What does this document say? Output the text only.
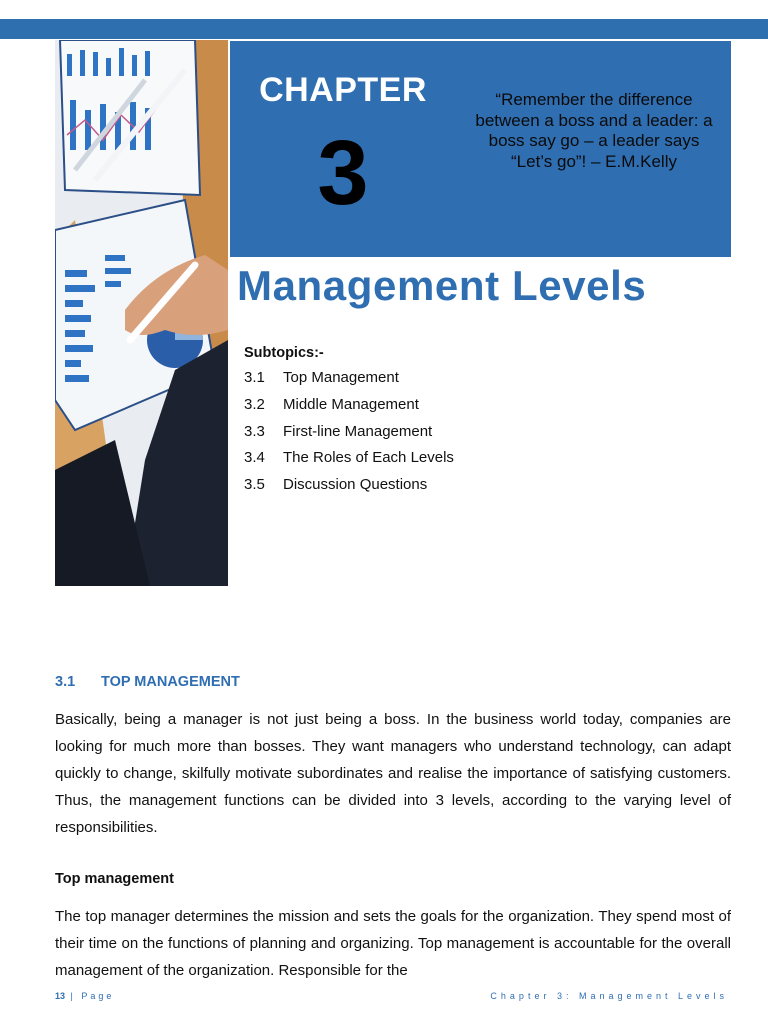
CHAPTER
3
“Remember the difference between a boss and a leader: a boss say go – a leader says “Let’s go”! – E.M.Kelly
Management Levels
Subtopics:-
3.1	Top Management
3.2	Middle Management
3.3	First-line Management
3.4	The Roles of Each Levels
3.5	Discussion Questions
3.1	TOP MANAGEMENT
Basically, being a manager is not just being a boss. In the business world today, companies are looking for much more than bosses. They want managers who understand technology, can adapt quickly to change, skilfully motivate subordinates and realise the importance of satisfying customers. Thus, the management functions can be divided into 3 levels, according to the varying level of responsibilities.
Top management
The top manager determines the mission and sets the goals for the organization. They spend most of their time on the functions of planning and organizing. Top management is accountable for the overall management of the organization. Responsible for the
13 | Page	Chapter 3: Management Levels
